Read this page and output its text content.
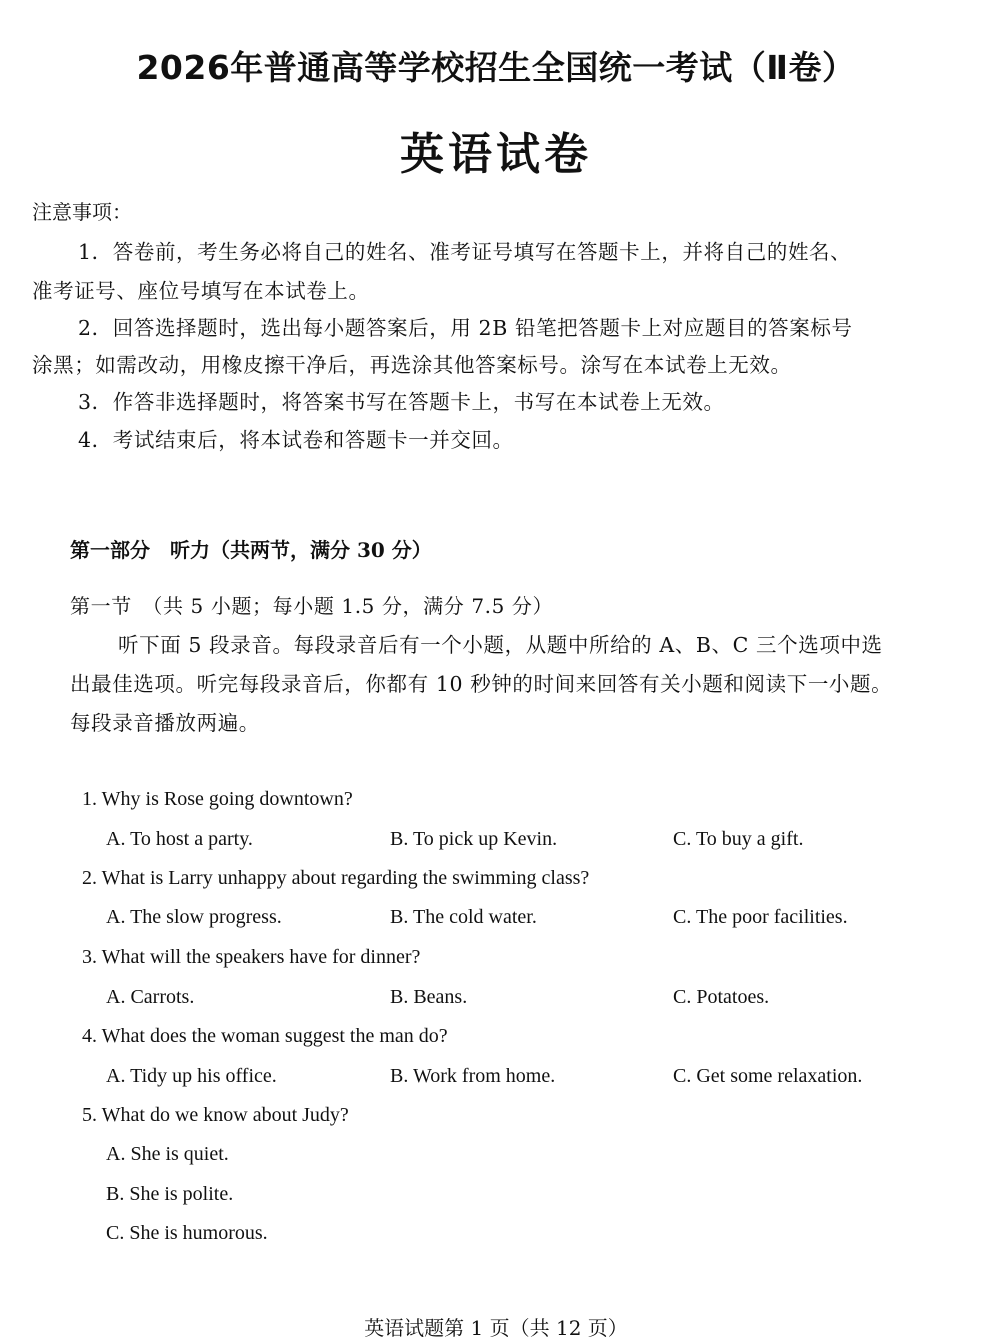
2026年普通高等学校招生全国统一考试（Ⅱ卷）
英语试卷
注意事项：
1．答卷前，考生务必将自己的姓名、准考证号填写在答题卡上，并将自己的姓名、
准考证号、座位号填写在本试卷上。
2．回答选择题时，选出每小题答案后，用 2B 铅笔把答题卡上对应题目的答案标号
涂黑；如需改动，用橡皮擦干净后，再选涂其他答案标号。涂写在本试卷上无效。
3．作答非选择题时，将答案书写在答题卡上，书写在本试卷上无效。
4．考试结束后，将本试卷和答题卡一并交回。
第一部分　听力（共两节，满分 30 分）
第一节　（共 5 小题；每小题 1.5 分，满分 7.5 分）
听下面 5 段录音。每段录音后有一个小题，从题中所给的 A、B、C 三个选项中选
出最佳选项。听完每段录音后，你都有 10 秒钟的时间来回答有关小题和阅读下一小题。
每段录音播放两遍。
1. Why is Rose going downtown?
A. To host a party.	B. To pick up Kevin.	C. To buy a gift.
2. What is Larry unhappy about regarding the swimming class?
A. The slow progress.	B. The cold water.	C. The poor facilities.
3. What will the speakers have for dinner?
A. Carrots.	B. Beans.	C. Potatoes.
4. What does the woman suggest the man do?
A. Tidy up his office.	B. Work from home.	C. Get some relaxation.
5. What do we know about Judy?
A. She is quiet.
B. She is polite.
C. She is humorous.
英语试题第 1 页（共 12 页）
